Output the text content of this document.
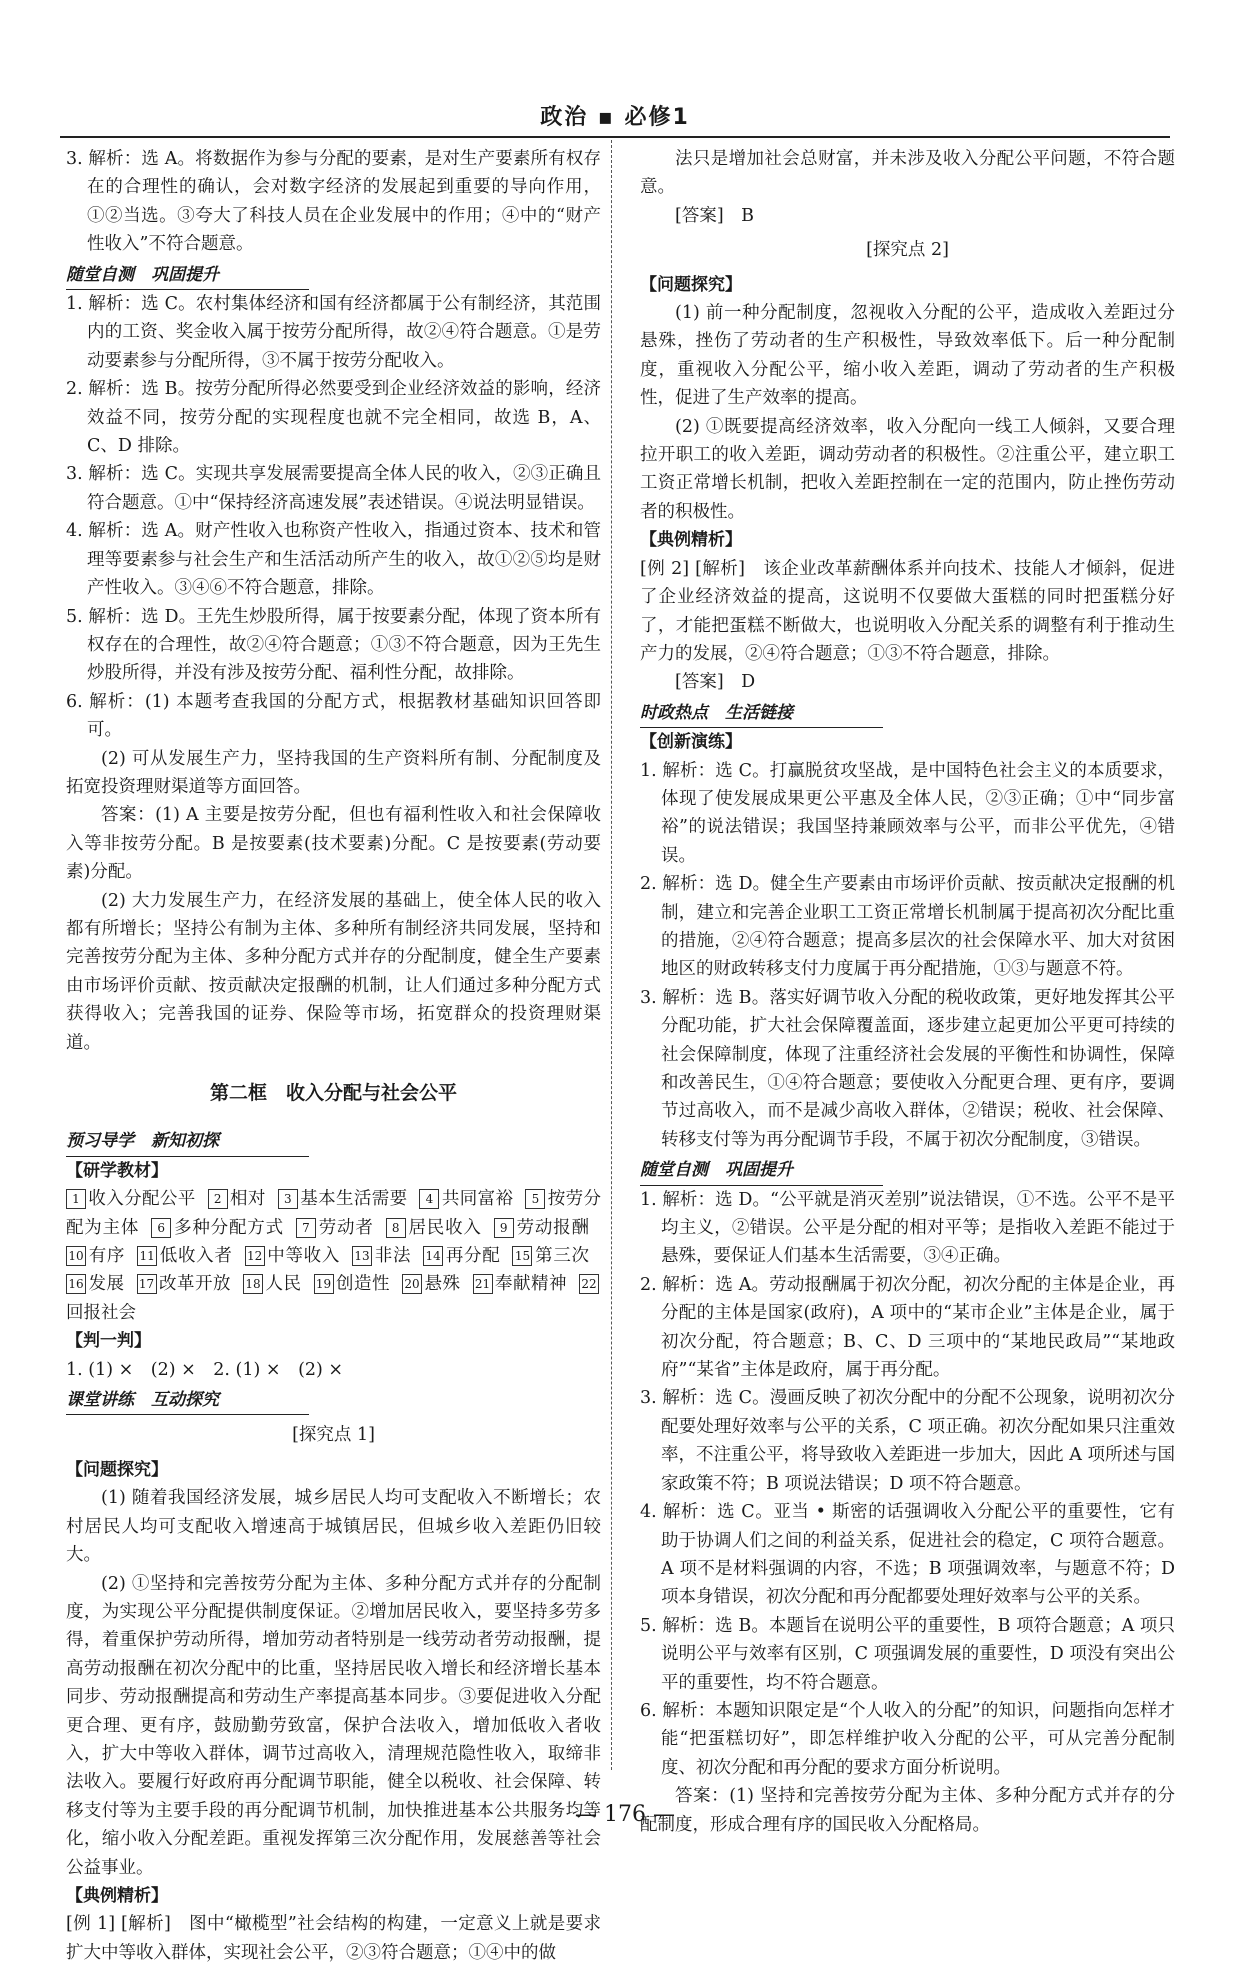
政治 ▪ 必修1

3. 解析：选 A。将数据作为参与分配的要素，是对生产要素所有权存在的合理性的确认，会对数字经济的发展起到重要的导向作用，①②当选。③夸大了科技人员在企业发展中的作用；④中的“财产性收入”不符合题意。

随堂自测　巩固提升

1. 解析：选 C。农村集体经济和国有经济都属于公有制经济，其范围内的工资、奖金收入属于按劳分配所得，故②④符合题意。①是劳动要素参与分配所得，③不属于按劳分配收入。

2. 解析：选 B。按劳分配所得必然要受到企业经济效益的影响，经济效益不同，按劳分配的实现程度也就不完全相同，故选 B，A、C、D 排除。

3. 解析：选 C。实现共享发展需要提高全体人民的收入，②③正确且符合题意。①中“保持经济高速发展”表述错误。④说法明显错误。

4. 解析：选 A。财产性收入也称资产性收入，指通过资本、技术和管理等要素参与社会生产和生活活动所产生的收入，故①②⑤均是财产性收入。③④⑥不符合题意，排除。

5. 解析：选 D。王先生炒股所得，属于按要素分配，体现了资本所有权存在的合理性，故②④符合题意；①③不符合题意，因为王先生炒股所得，并没有涉及按劳分配、福利性分配，故排除。

6. 解析：(1) 本题考查我国的分配方式，根据教材基础知识回答即可。

(2) 可从发展生产力，坚持我国的生产资料所有制、分配制度及拓宽投资理财渠道等方面回答。

答案：(1) A 主要是按劳分配，但也有福利性收入和社会保障收入等非按劳分配。B 是按要素(技术要素)分配。C 是按要素(劳动要素)分配。

(2) 大力发展生产力，在经济发展的基础上，使全体人民的收入都有所增长；坚持公有制为主体、多种所有制经济共同发展，坚持和完善按劳分配为主体、多种分配方式并存的分配制度，健全生产要素由市场评价贡献、按贡献决定报酬的机制，让人们通过多种分配方式获得收入；完善我国的证券、保险等市场，拓宽群众的投资理财渠道。

第二框　收入分配与社会公平
预习导学　新知初探
【研学教材】
1 收入分配公平 2 相对 3 基本生活需要 4 共同富裕 5 按劳分配为主体 6 多种分配方式 7 劳动者 8 居民收入 9 劳动报酬10 有序 11 低收入者 12 中等收入 13 非法 14 再分配 15 第三次16 发展 17 改革开放 18 人民 19 创造性 20 悬殊 21 奉献精神 22回报社会
【判一判】

1. (1) ×　(2) ×　2. (1) ×　(2) ×

课堂讲练　互动探究
[探究点 1]
【问题探究】

(1) 随着我国经济发展，城乡居民人均可支配收入不断增长；农村居民人均可支配收入增速高于城镇居民，但城乡收入差距仍旧较大。

(2) ①坚持和完善按劳分配为主体、多种分配方式并存的分配制度，为实现公平分配提供制度保证。②增加居民收入，要坚持多劳多得，着重保护劳动所得，增加劳动者特别是一线劳动者劳动报酬，提高劳动报酬在初次分配中的比重，坚持居民收入增长和经济增长基本同步、劳动报酬提高和劳动生产率提高基本同步。③要促进收入分配更合理、更有序，鼓励勤劳致富，保护合法收入，增加低收入者收入，扩大中等收入群体，调节过高收入，清理规范隐性收入，取缔非法收入。要履行好政府再分配调节职能，健全以税收、社会保障、转移支付等为主要手段的再分配调节机制，加快推进基本公共服务均等化，缩小收入分配差距。重视发挥第三次分配作用，发展慈善等社会公益事业。

【典例精析】

[例 1] [解析]　图中“橄榄型”社会结构的构建，一定意义上就是要求扩大中等收入群体，实现社会公平，②③符合题意；①④中的做

法只是增加社会总财富，并未涉及收入分配公平问题，不符合题意。

[答案]　B

[探究点 2]
【问题探究】

(1) 前一种分配制度，忽视收入分配的公平，造成收入差距过分悬殊，挫伤了劳动者的生产积极性，导致效率低下。后一种分配制度，重视收入分配公平，缩小收入差距，调动了劳动者的生产积极性，促进了生产效率的提高。

(2) ①既要提高经济效率，收入分配向一线工人倾斜，又要合理拉开职工的收入差距，调动劳动者的积极性。②注重公平，建立职工工资正常增长机制，把收入差距控制在一定的范围内，防止挫伤劳动者的积极性。

【典例精析】

[例 2] [解析]　该企业改革薪酬体系并向技术、技能人才倾斜，促进了企业经济效益的提高，这说明不仅要做大蛋糕的同时把蛋糕分好了，才能把蛋糕不断做大，也说明收入分配关系的调整有利于推动生产力的发展，②④符合题意；①③不符合题意，排除。

[答案]　D

时政热点　生活链接
【创新演练】

1. 解析：选 C。打赢脱贫攻坚战，是中国特色社会主义的本质要求，体现了使发展成果更公平惠及全体人民，②③正确；①中“同步富裕”的说法错误；我国坚持兼顾效率与公平，而非公平优先，④错误。

2. 解析：选 D。健全生产要素由市场评价贡献、按贡献决定报酬的机制，建立和完善企业职工工资正常增长机制属于提高初次分配比重的措施，②④符合题意；提高多层次的社会保障水平、加大对贫困地区的财政转移支付力度属于再分配措施，①③与题意不符。

3. 解析：选 B。落实好调节收入分配的税收政策，更好地发挥其公平分配功能，扩大社会保障覆盖面，逐步建立起更加公平更可持续的社会保障制度，体现了注重经济社会发展的平衡性和协调性，保障和改善民生，①④符合题意；要使收入分配更合理、更有序，要调节过高收入，而不是减少高收入群体，②错误；税收、社会保障、转移支付等为再分配调节手段，不属于初次分配制度，③错误。

随堂自测　巩固提升

1. 解析：选 D。“公平就是消灭差别”说法错误，①不选。公平不是平均主义，②错误。公平是分配的相对平等；是指收入差距不能过于悬殊，要保证人们基本生活需要，③④正确。

2. 解析：选 A。劳动报酬属于初次分配，初次分配的主体是企业，再分配的主体是国家(政府)，A 项中的“某市企业”主体是企业，属于初次分配，符合题意；B、C、D 三项中的“某地民政局”“某地政府”“某省”主体是政府，属于再分配。

3. 解析：选 C。漫画反映了初次分配中的分配不公现象，说明初次分配要处理好效率与公平的关系，C 项正确。初次分配如果只注重效率，不注重公平，将导致收入差距进一步加大，因此 A 项所述与国家政策不符；B 项说法错误；D 项不符合题意。

4. 解析：选 C。亚当 • 斯密的话强调收入分配公平的重要性，它有助于协调人们之间的利益关系，促进社会的稳定，C 项符合题意。A 项不是材料强调的内容，不选；B 项强调效率，与题意不符；D 项本身错误，初次分配和再分配都要处理好效率与公平的关系。

5. 解析：选 B。本题旨在说明公平的重要性，B 项符合题意；A 项只说明公平与效率有区别，C 项强调发展的重要性，D 项没有突出公平的重要性，均不符合题意。

6. 解析：本题知识限定是“个人收入的分配”的知识，问题指向怎样才能“把蛋糕切好”，即怎样维护收入分配的公平，可从完善分配制度、初次分配和再分配的要求方面分析说明。

答案：(1) 坚持和完善按劳分配为主体、多种分配方式并存的分配制度，形成合理有序的国民收入分配格局。

— 176 —
